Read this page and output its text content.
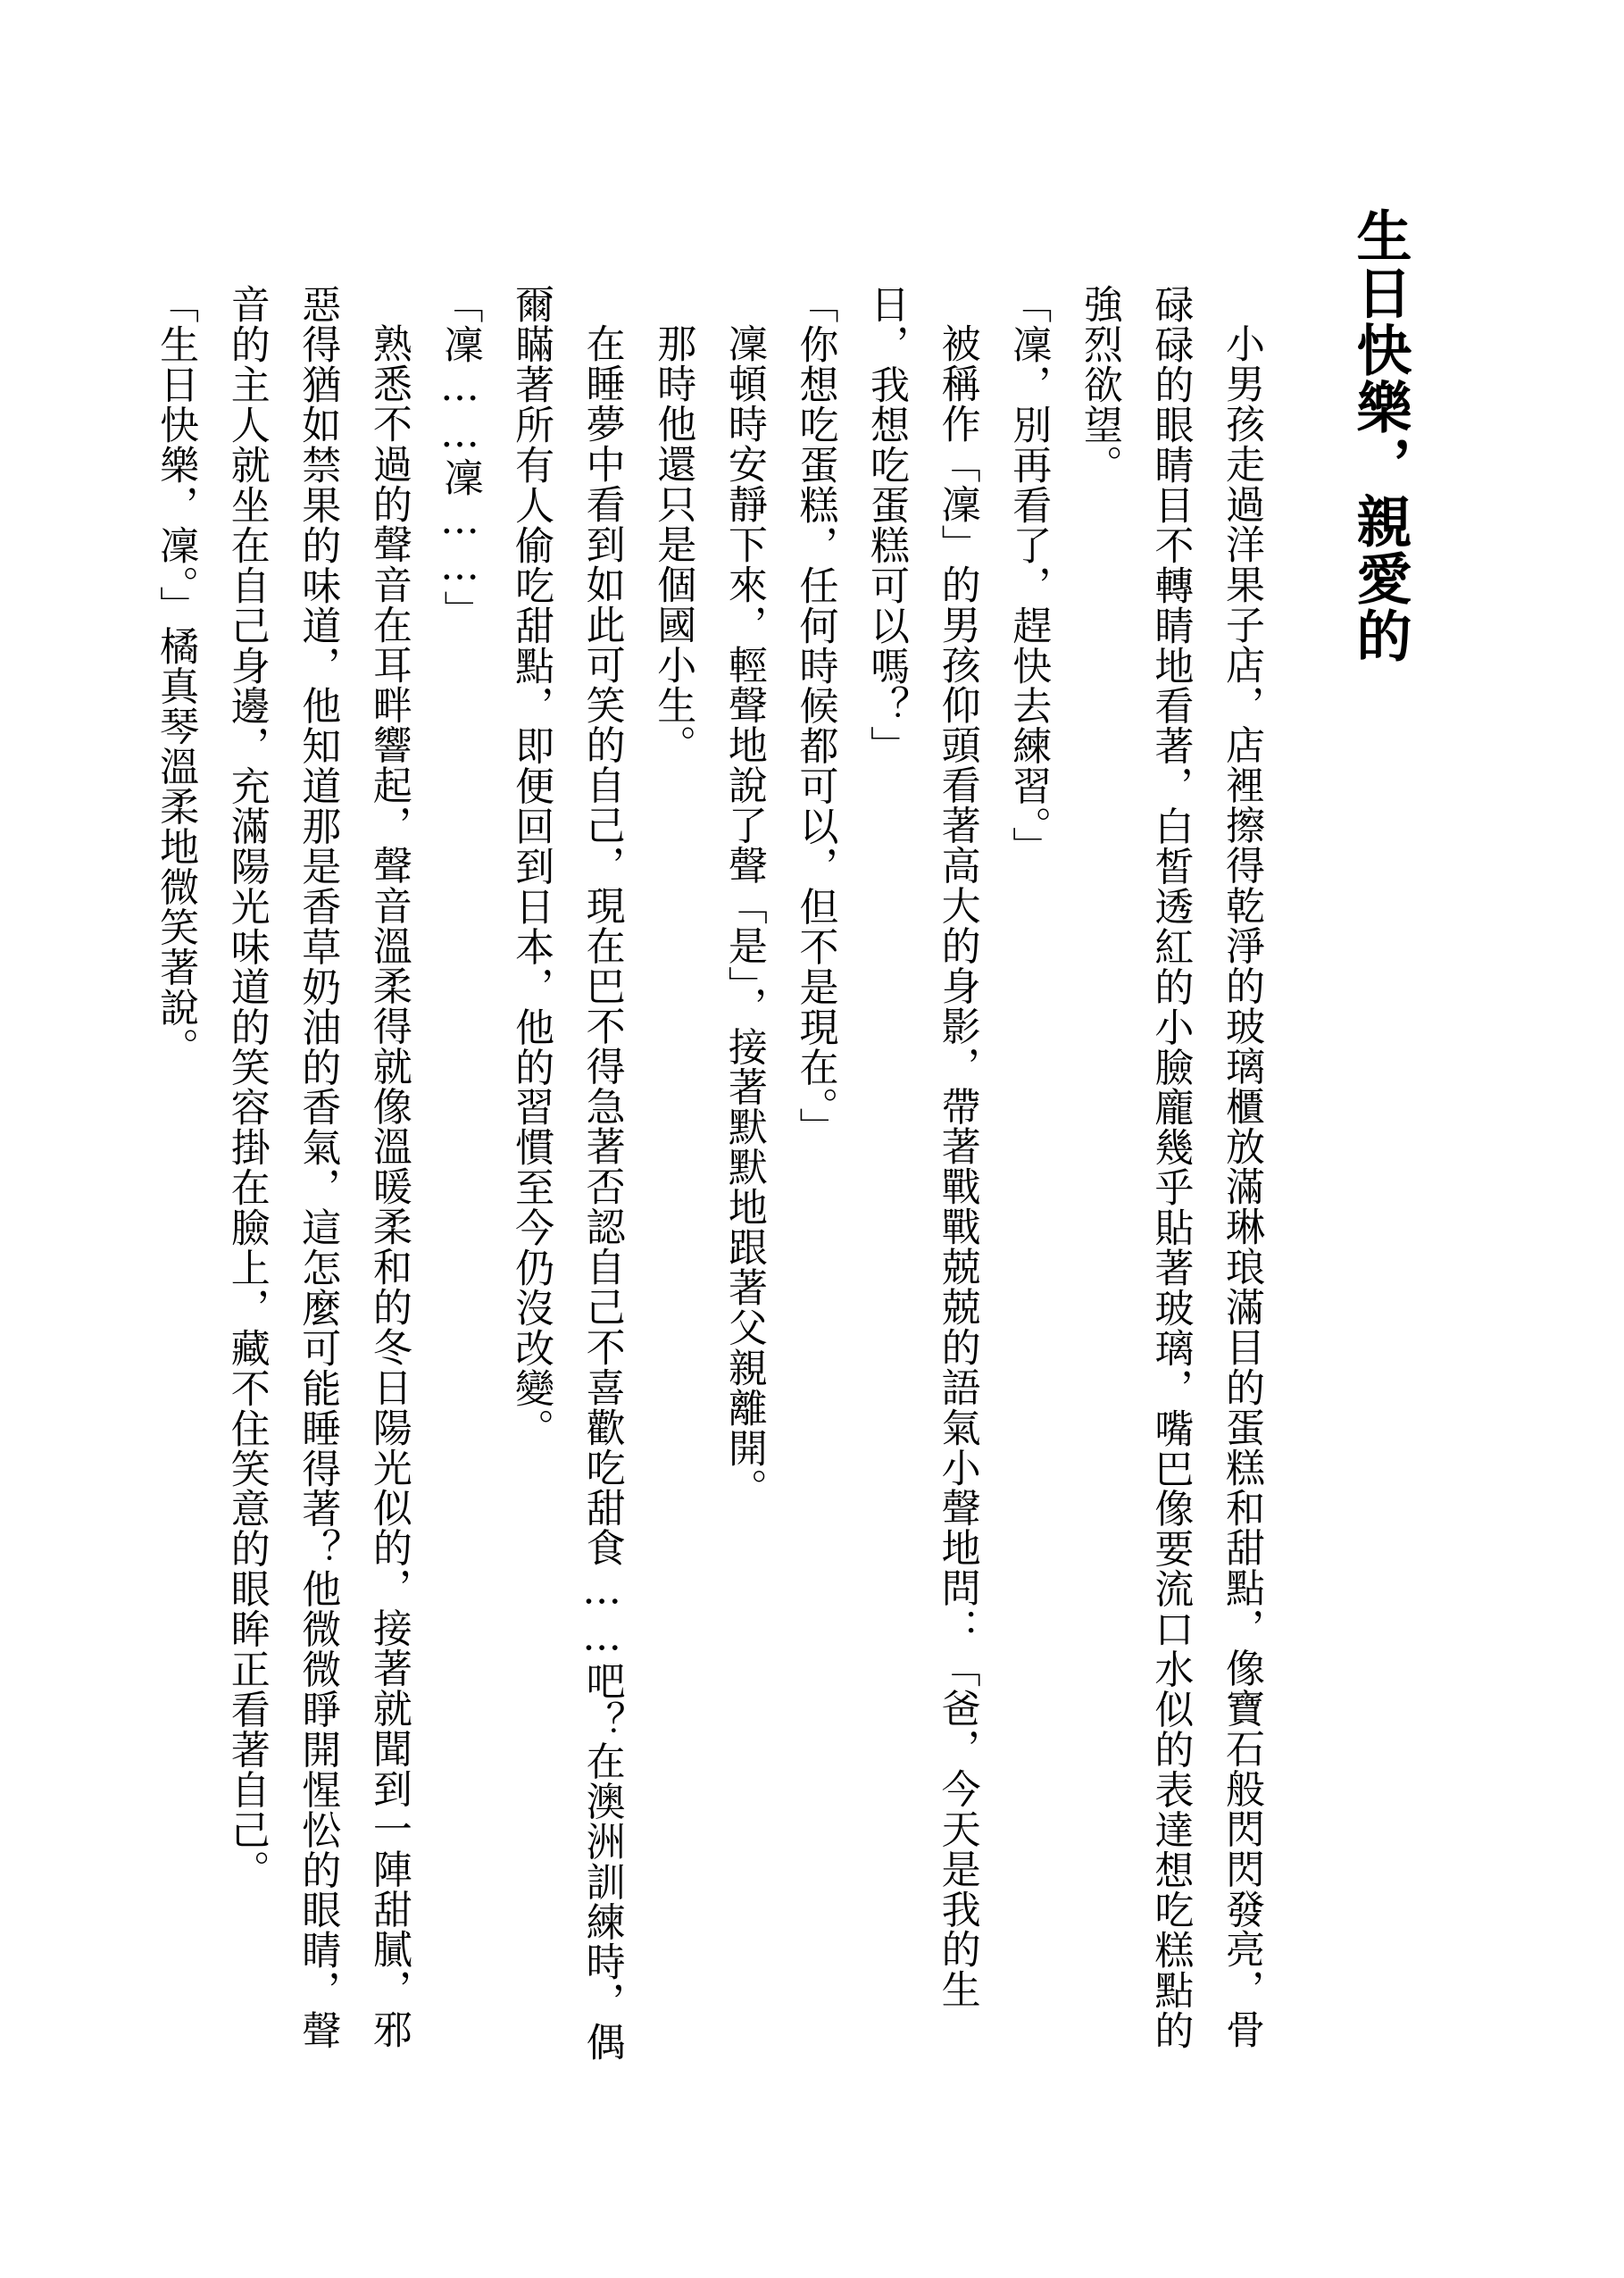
生日快樂，親愛的

小男孩走過洋果子店，店裡擦得乾淨的玻璃櫃放滿琳琅滿目的蛋糕和甜點，像寶石般閃閃發亮，骨碌碌的眼睛目不轉睛地看著，白皙透紅的小臉龐幾乎貼著玻璃，嘴巴像要流口水似的表達想吃糕點的強烈欲望。

「凜，別再看了，趕快去練習。」

被稱作「凜」的男孩仰頭看著高大的身影，帶著戰戰兢兢的語氣小聲地問：「爸，今天是我的生日，我想吃蛋糕可以嗎？」

「你想吃蛋糕，任何時候都可以，但不是現在。」

凜頓時安靜下來，輕聲地說了聲「是」，接著默默地跟著父親離開。

那時他還只是個國小生。

在睡夢中看到如此可笑的自己，現在巴不得急著否認自己不喜歡吃甜食……吧？在澳洲訓練時，偶爾瞞著所有人偷吃甜點，即便回到日本，他的習慣至今仍沒改變。

「凜……凜……」

熟悉不過的聲音在耳畔響起，聲音溫柔得就像溫暖柔和的冬日陽光似的，接著就聞到一陣甜膩，邪惡得猶如禁果的味道，他知道那是香草奶油的香氣，這怎麼可能睡得著？他微微睜開惺忪的眼睛，聲音的主人就坐在自己身邊，充滿陽光味道的笑容掛在臉上，藏不住笑意的眼眸正看著自己。

「生日快樂，凜。」橘真琴溫柔地微笑著說。
